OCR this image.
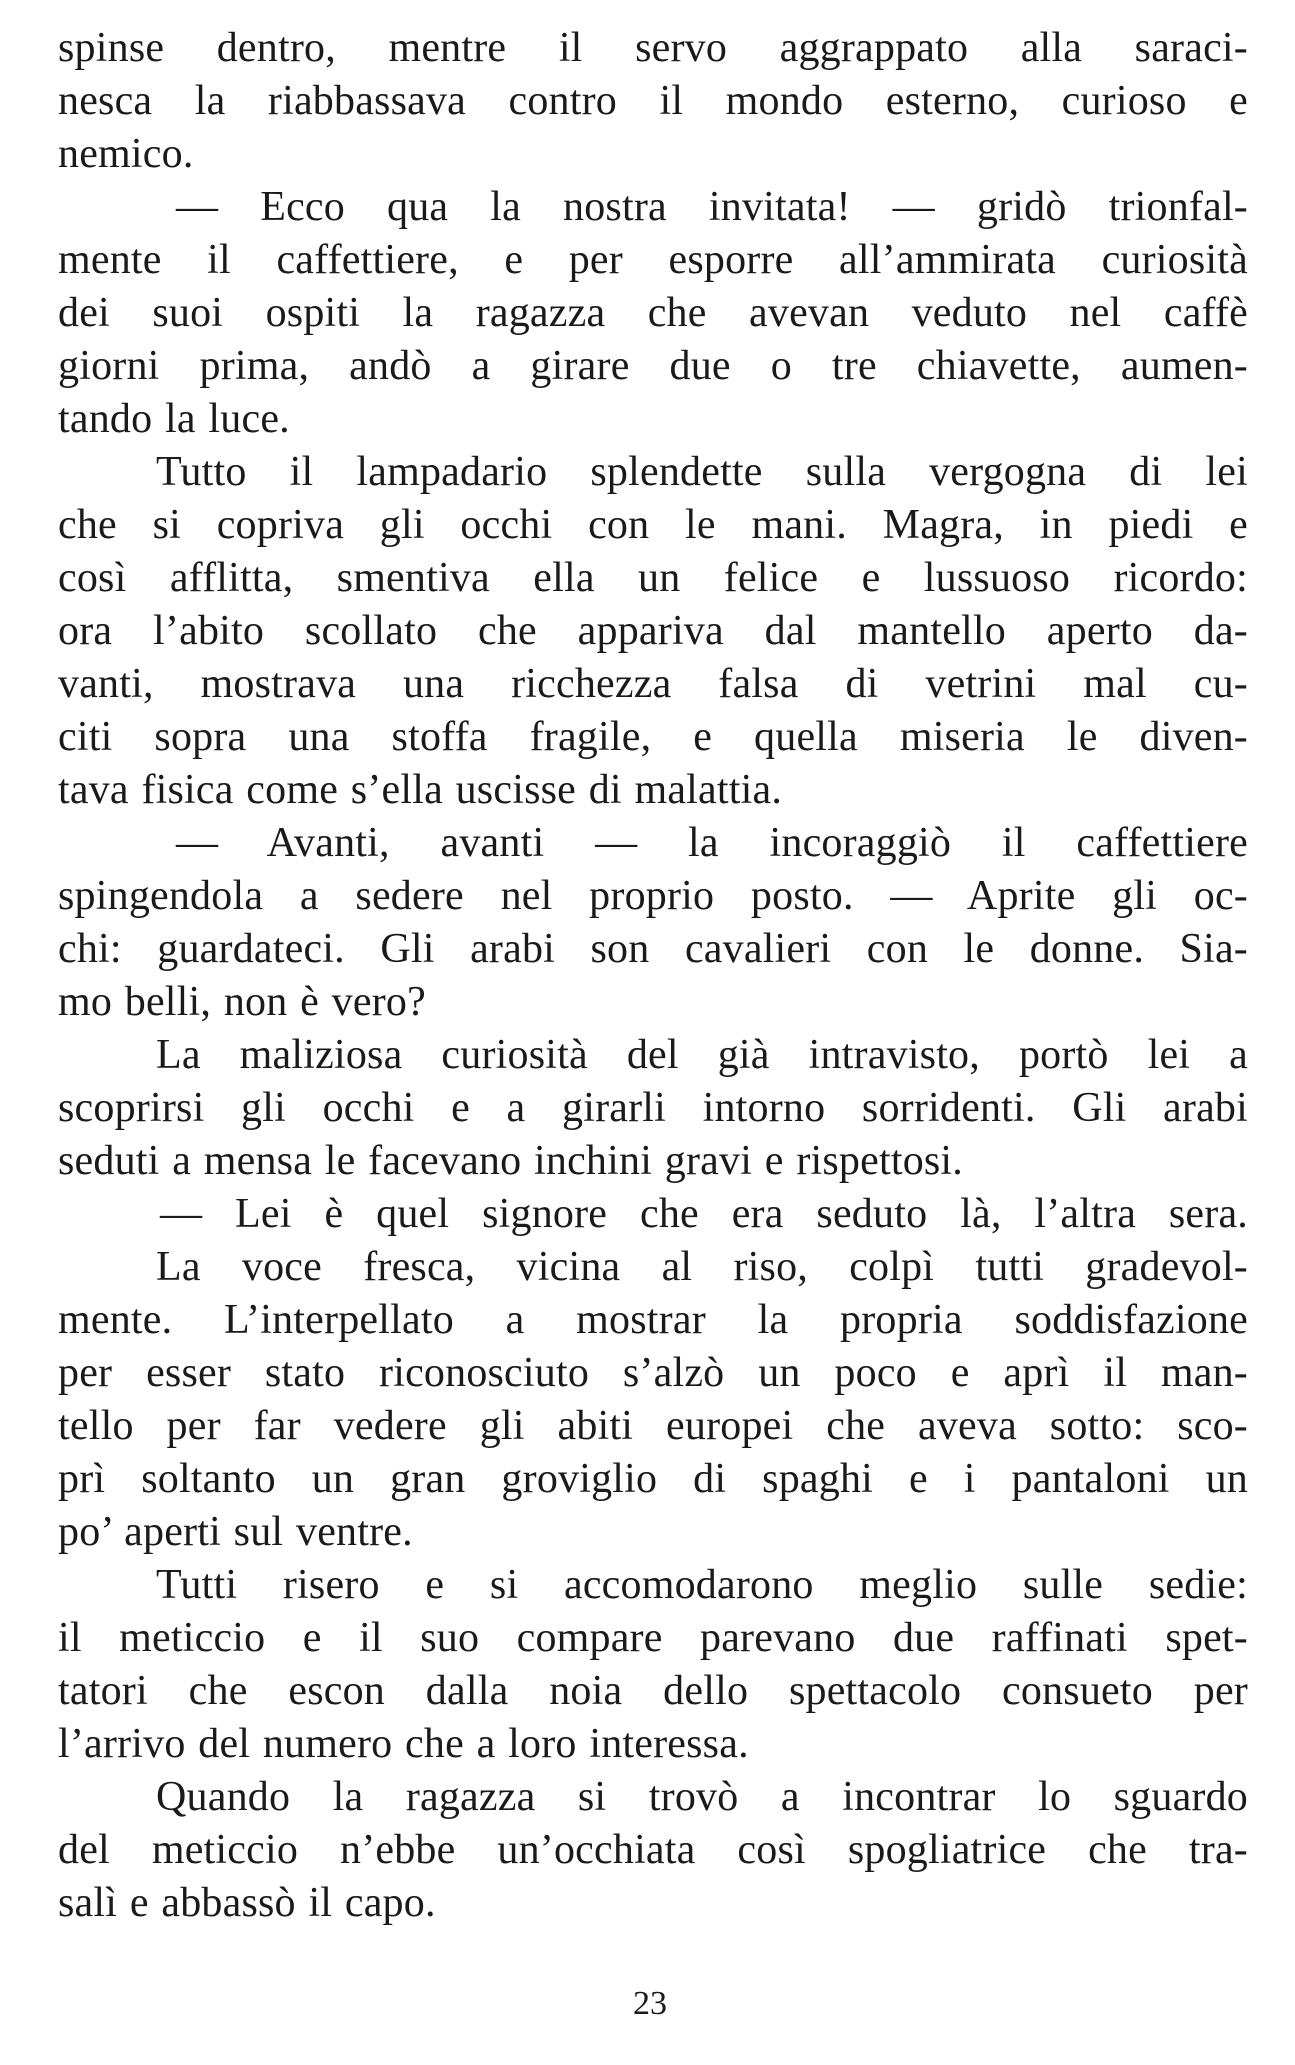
spinse dentro, mentre il servo aggrappato alla saraci-
nesca la riabbassava contro il mondo esterno, curioso e
nemico.
— Ecco qua la nostra invitata! — gridò trionfal-
mente il caffettiere, e per esporre all’ammirata curiosità
dei suoi ospiti la ragazza che avevan veduto nel caffè
giorni prima, andò a girare due o tre chiavette, aumen-
tando la luce.
Tutto il lampadario splendette sulla vergogna di lei
che si copriva gli occhi con le mani. Magra, in piedi e
così afflitta, smentiva ella un felice e lussuoso ricordo:
ora l’abito scollato che appariva dal mantello aperto da-
vanti, mostrava una ricchezza falsa di vetrini mal cu-
citi sopra una stoffa fragile, e quella miseria le diven-
tava fisica come s’ella uscisse di malattia.
— Avanti, avanti — la incoraggiò il caffettiere
spingendola a sedere nel proprio posto. — Aprite gli oc-
chi: guardateci. Gli arabi son cavalieri con le donne. Sia-
mo belli, non è vero?
La maliziosa curiosità del già intravisto, portò lei a
scoprirsi gli occhi e a girarli intorno sorridenti. Gli arabi
seduti a mensa le facevano inchini gravi e rispettosi.
— Lei è quel signore che era seduto là, l’altra sera.
La voce fresca, vicina al riso, colpì tutti gradevol-
mente. L’interpellato a mostrar la propria soddisfazione
per esser stato riconosciuto s’alzò un poco e aprì il man-
tello per far vedere gli abiti europei che aveva sotto: sco-
prì soltanto un gran groviglio di spaghi e i pantaloni un
po’ aperti sul ventre.
Tutti risero e si accomodarono meglio sulle sedie:
il meticcio e il suo compare parevano due raffinati spet-
tatori che escon dalla noia dello spettacolo consueto per
l’arrivo del numero che a loro interessa.
Quando la ragazza si trovò a incontrar lo sguardo
del meticcio n’ebbe un’occhiata così spogliatrice che tra-
salì e abbassò il capo.
23
